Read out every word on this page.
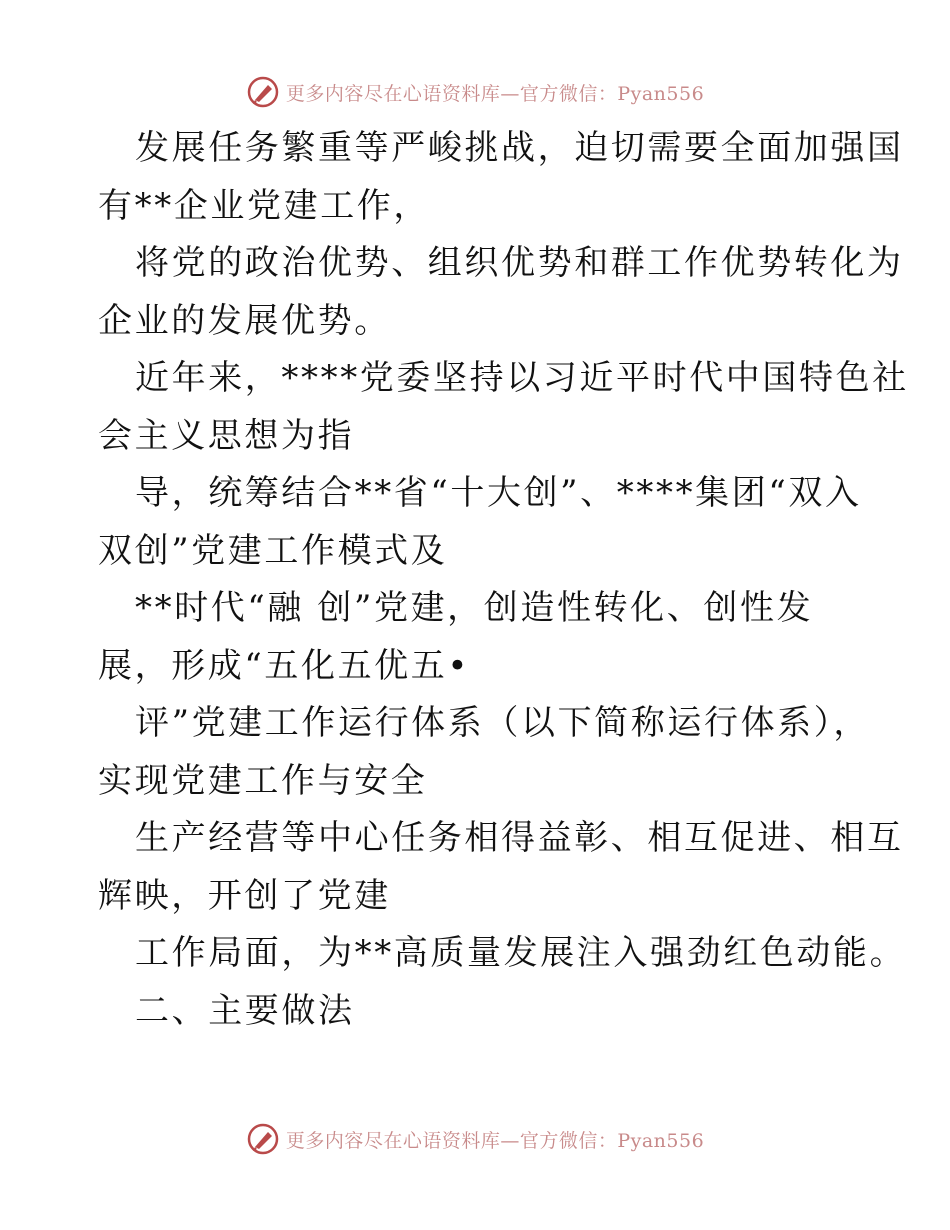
更多内容尽在心语资料库—官方微信：Pyan556
发展任务繁重等严峻挑战，迫切需要全面加强国
有**企业党建工作，
将党的政治优势、组织优势和群工作优势转化为
企业的发展优势。
近年来，****党委坚持以习近平时代中国特色社
会主义思想为指
导，统筹结合**省“十大创”、****集团“双入
双创”党建工作模式及
**时代“融 创”党建，创造性转化、创性发
展，形成“五化五优五•
评”党建工作运行体系（以下简称运行体系），
实现党建工作与安全
生产经营等中心任务相得益彰、相互促进、相互
辉映，开创了党建
工作局面，为**高质量发展注入强劲红色动能。
二、主要做法
更多内容尽在心语资料库—官方微信：Pyan556
